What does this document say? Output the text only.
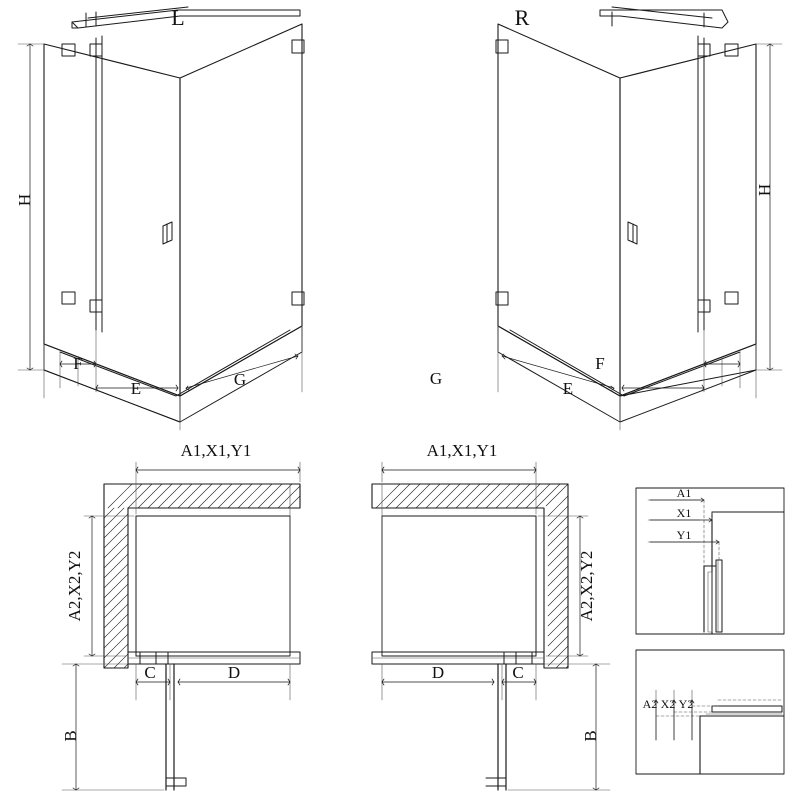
L	R
H
H
F
E	G	G
E
F
A1,X1,Y1	A1,X1,Y1
A2,X2,Y2	A2,X2,Y2
C	D	D	C
B	B
A1
X1
Y1
A2 X2 Y2
